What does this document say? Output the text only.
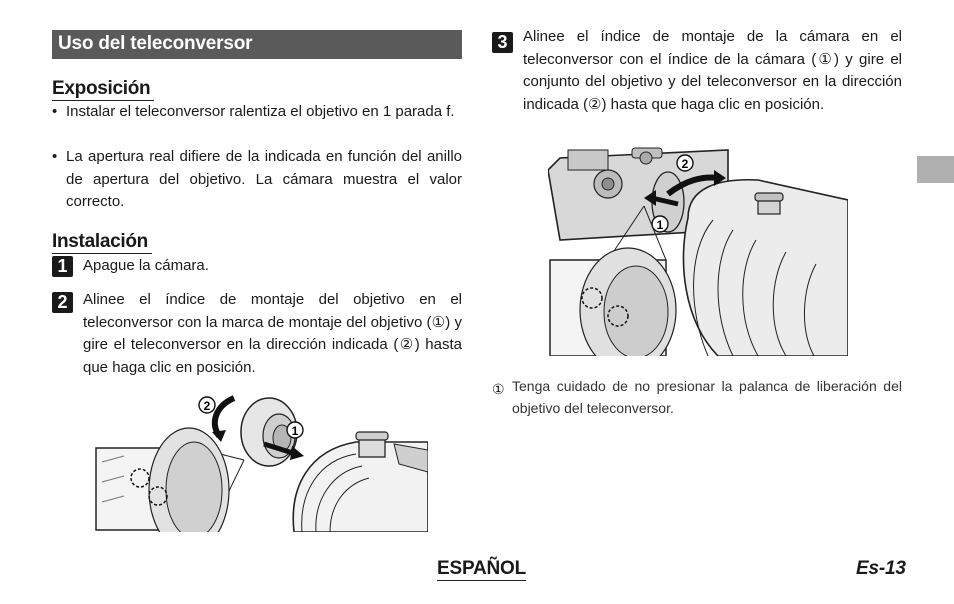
Uso del teleconversor
Exposición
• Instalar el teleconversor ralentiza el objetivo en 1 parada f.
• La apertura real difiere de la indicada en función del anillo de apertura del objetivo. La cámara muestra el valor correcto.
Instalación
1	Apague la cámara.
2	Alinee el índice de montaje del objetivo en el teleconversor con la marca de montaje del objetivo (①) y gire el teleconversor en la dirección indicada (②) hasta que haga clic en posición.
2
1
3	Alinee el índice de montaje de la cámara en el teleconversor con el índice de la cámara (①) y gire el conjunto del objetivo y del teleconversor en la dirección indicada (②) hasta que haga clic en posición.
2
1
① Tenga cuidado de no presionar la palanca de liberación del objetivo del teleconversor.
ESPAÑOL	Es-13
